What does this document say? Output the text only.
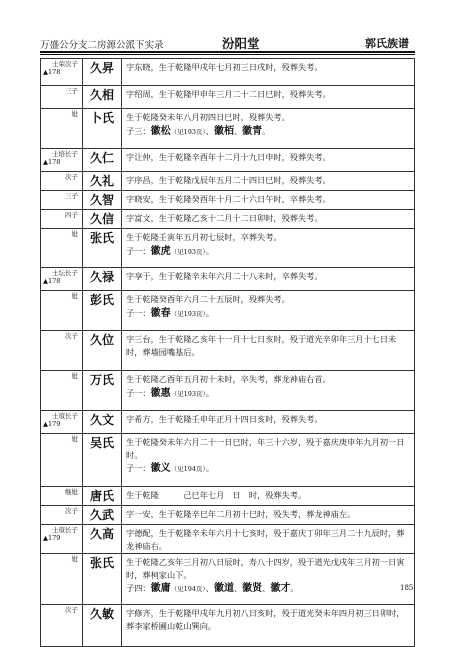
万盛公分支二房源公派下实录	汾阳堂	郭氏族谱
士荣次子
▲178	久昇	字东晓，生于乾隆甲戌年七月初三日戌时，殁葬失考。

三子	久相	字绍周，生于乾隆甲申年三月二十二日巳时，殁葬失考。

妣	卜氏	生于乾隆癸未年八月初四日巳时，殁葬失考。
子三：徽松（见193页）、徽栢、徽青。

士培长子
▲178	久仁	字让仲，生于乾隆辛酉年十二月十九日申时，殁葬失考。

次子	久礼	字序昌，生于乾隆戊辰年五月二十四日巳时，殁葬失考。

三子	久智	字晓安，生于乾隆癸酉年十月二十六日午时，卒葬失考。

四子	久信	字富文，生于乾隆乙亥十二月十二日卯时，殁葬失考。

妣	张氏	生于乾隆壬寅年五月初七辰时，卒葬失考。
子一：徽虎（见193页）。

士坛长子
▲178	久禄	字享于，生于乾隆辛未年六月二十八未时，卒葬失考。

妣	彭氏	生于乾隆癸酉年六月二十五辰时，殁葬失考。
子一：徽春（见193页）。

次子	久位	字三台，生于乾隆乙亥年十一月十七日亥时，殁于道光辛卯年三月十七日未时，葬墙园嘴基后。

妣	万氏	生于乾隆乙酉年五月初十未时，卒失考，葬龙神庙右首。
子一：徽惠（见193页）。

士瑄长子
▲179	久文	字希方，生于乾隆壬申年正月十四日亥时，殁葬失考。

妣	吴氏	生于乾隆癸未年六月二十一日巳时，年三十六岁，殁于嘉庆庚申年九月初一日　时。
子一：徽义（见194页）。

继妣	唐氏	生于乾隆　　　己巳年七月　日　时，殁葬失考。

次子	久武	字一安，生于乾隆辛巳年二月初十巳时，殁失考，葬龙神庙左。

士瑄长子
▲179	久高	字德配，生于乾隆辛未年六月十七亥时，殁于嘉庆丁卯年三月二十九辰时，葬龙神庙右。

妣	张氏	生于乾隆乙亥年三月初八日辰时，寿八十四岁，殁于道光戊戌年三月初一日寅时，葬柯家山下。
子四：徽庸（见194页）、徽道、徽贤、徽才。

次子	久敏	字修齐，生于乾隆甲戌年九月初八日亥时，殁于道光癸未年四月初三日卯时，葬李家桥圃山乾山巽向。
185
